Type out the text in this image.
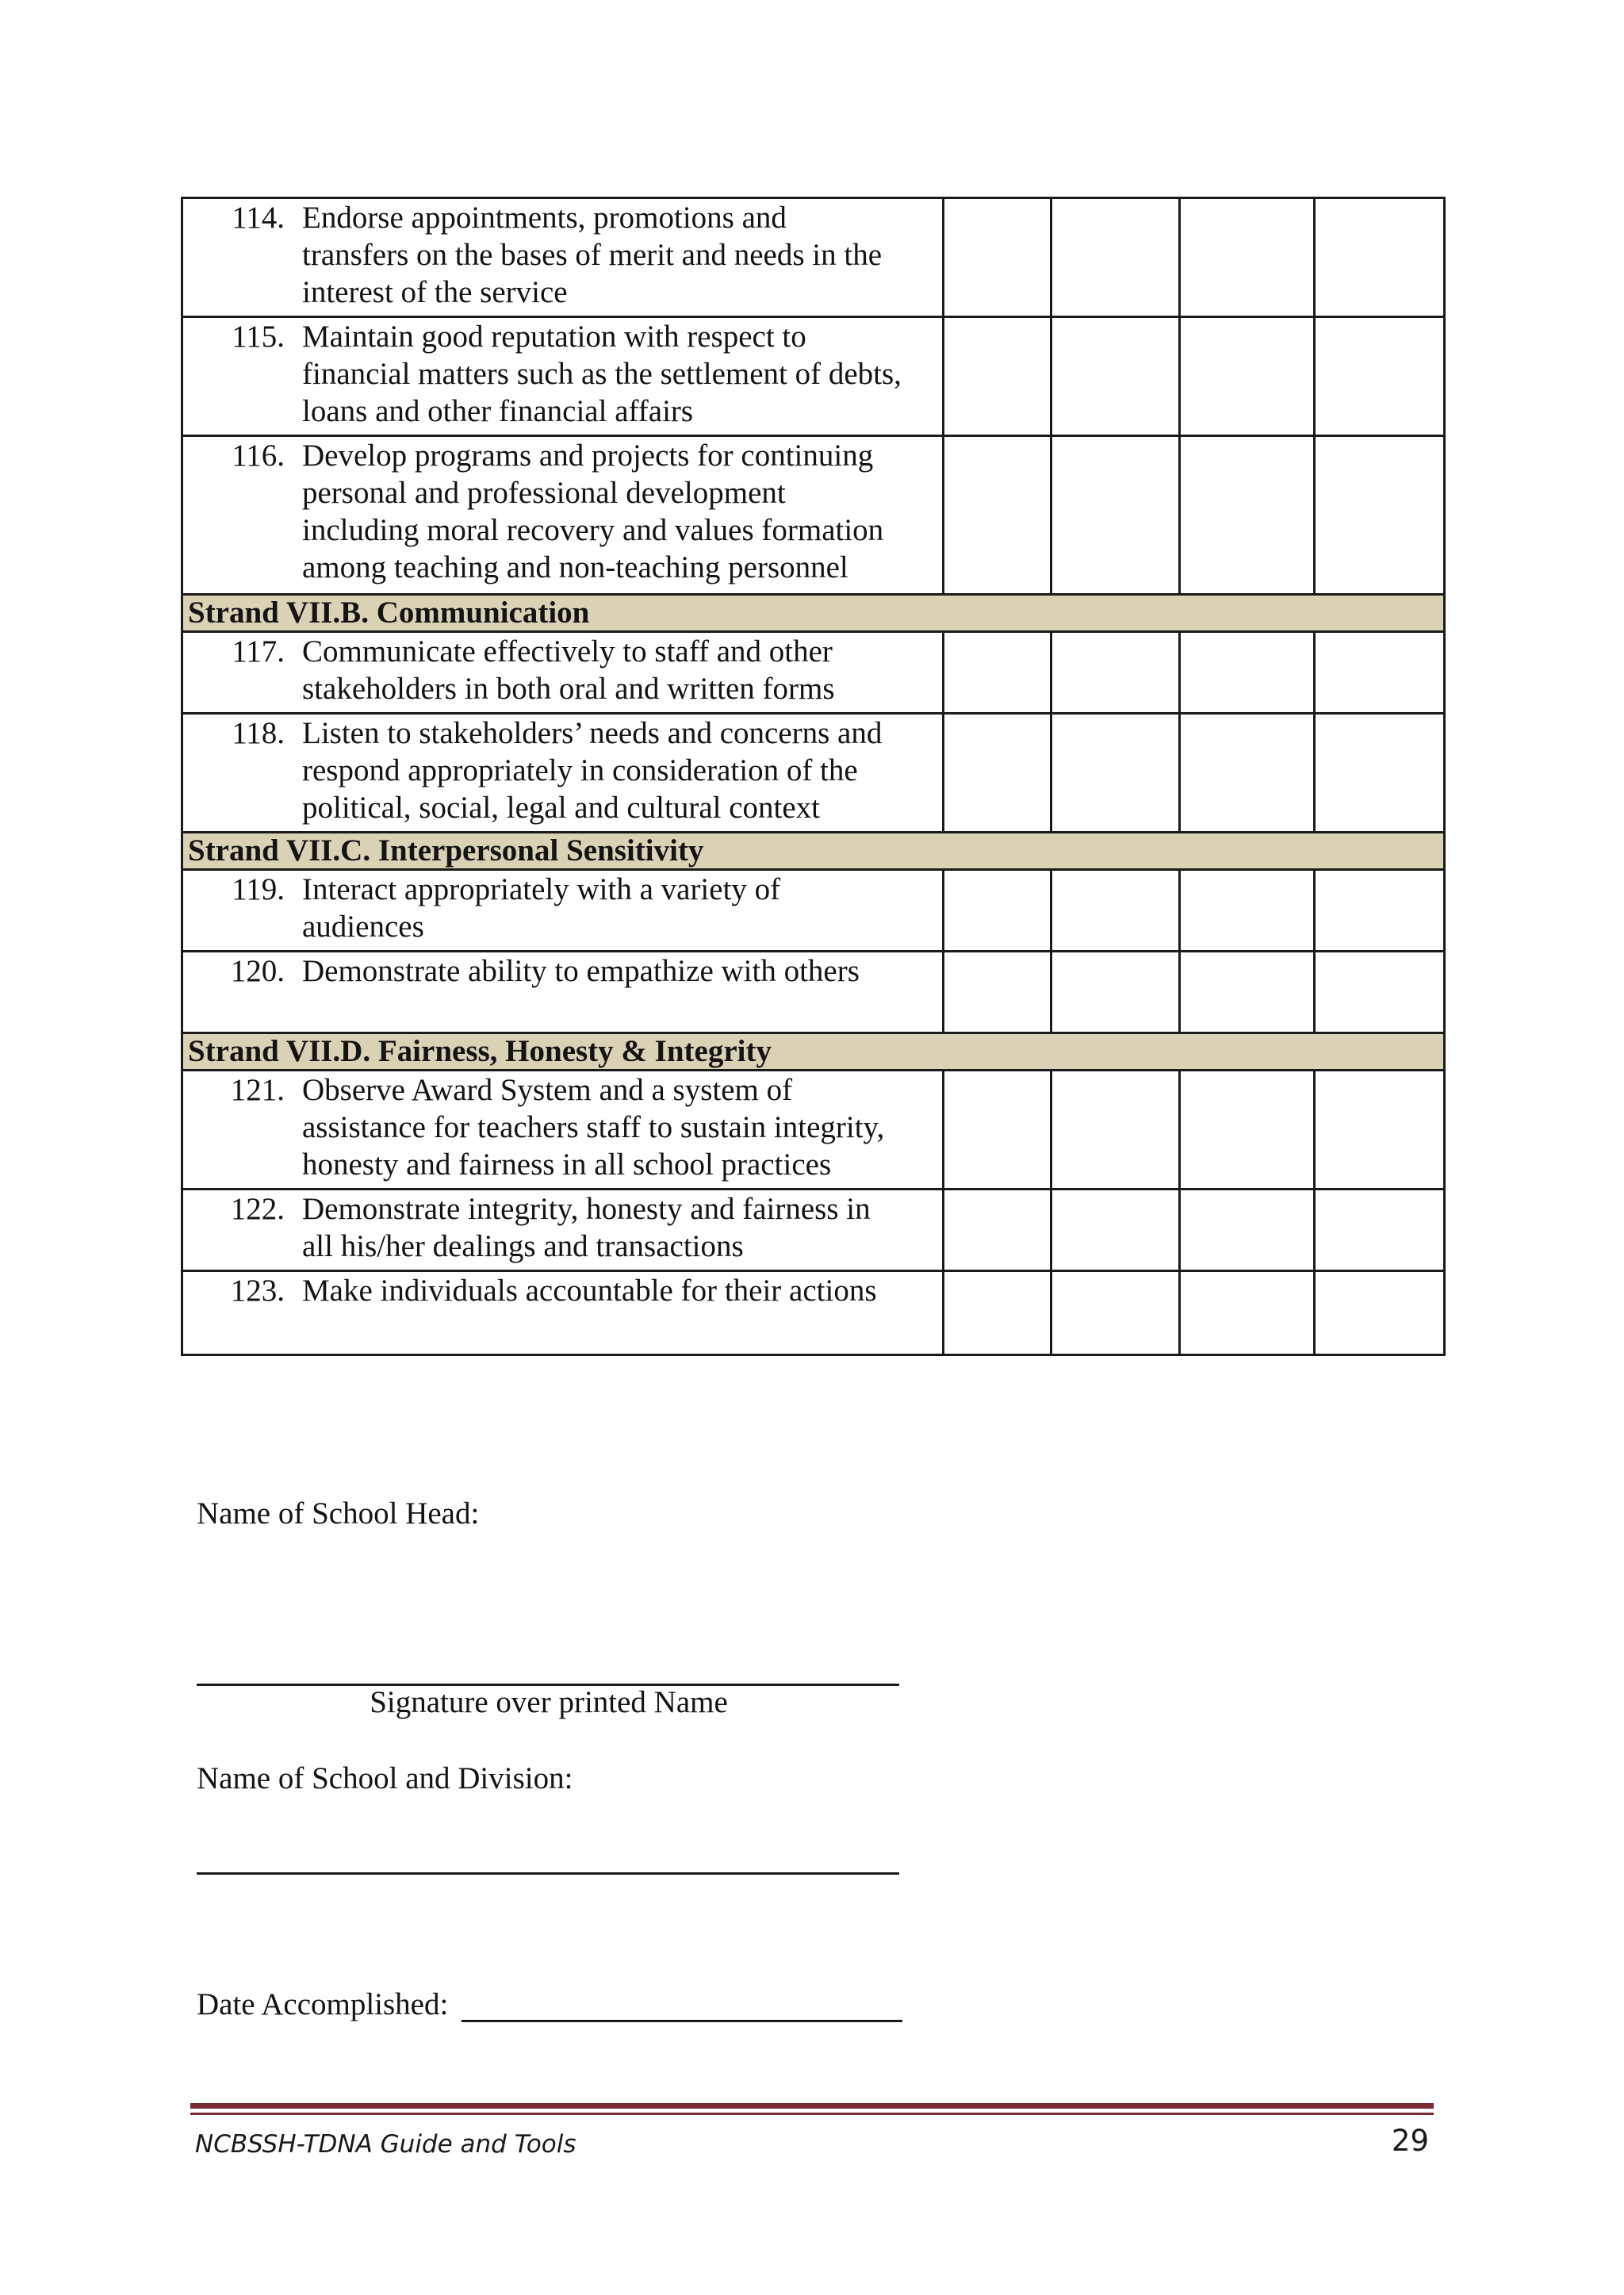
114. Endorse appointments, promotions and
transfers on the bases of merit and needs in the
interest of the service				

115. Maintain good reputation with respect to
financial matters such as the settlement of debts,
loans and other financial affairs				

116. Develop programs and projects for continuing
personal and professional development
including moral recovery and values formation
among teaching and non-teaching personnel				

Strand VII.B. Communication				

117. Communicate effectively to staff and other
stakeholders in both oral and written forms				

118. Listen to stakeholders’ needs and concerns and
respond appropriately in consideration of the
political, social, legal and cultural context				

Strand VII.C. Interpersonal Sensitivity				

119. Interact appropriately with a variety of
audiences				

120. Demonstrate ability to empathize with others				

Strand VII.D. Fairness, Honesty & Integrity				

121. Observe Award System and a system of
assistance for teachers staff to sustain integrity,
honesty and fairness in all school practices				

122. Demonstrate integrity, honesty and fairness in
all his/her dealings and transactions				

123. Make individuals accountable for their actions				

Name of School Head:
Signature over printed Name
Name of School and Division:
Date Accomplished:
NCBSSH-TDNA Guide and Tools	29
